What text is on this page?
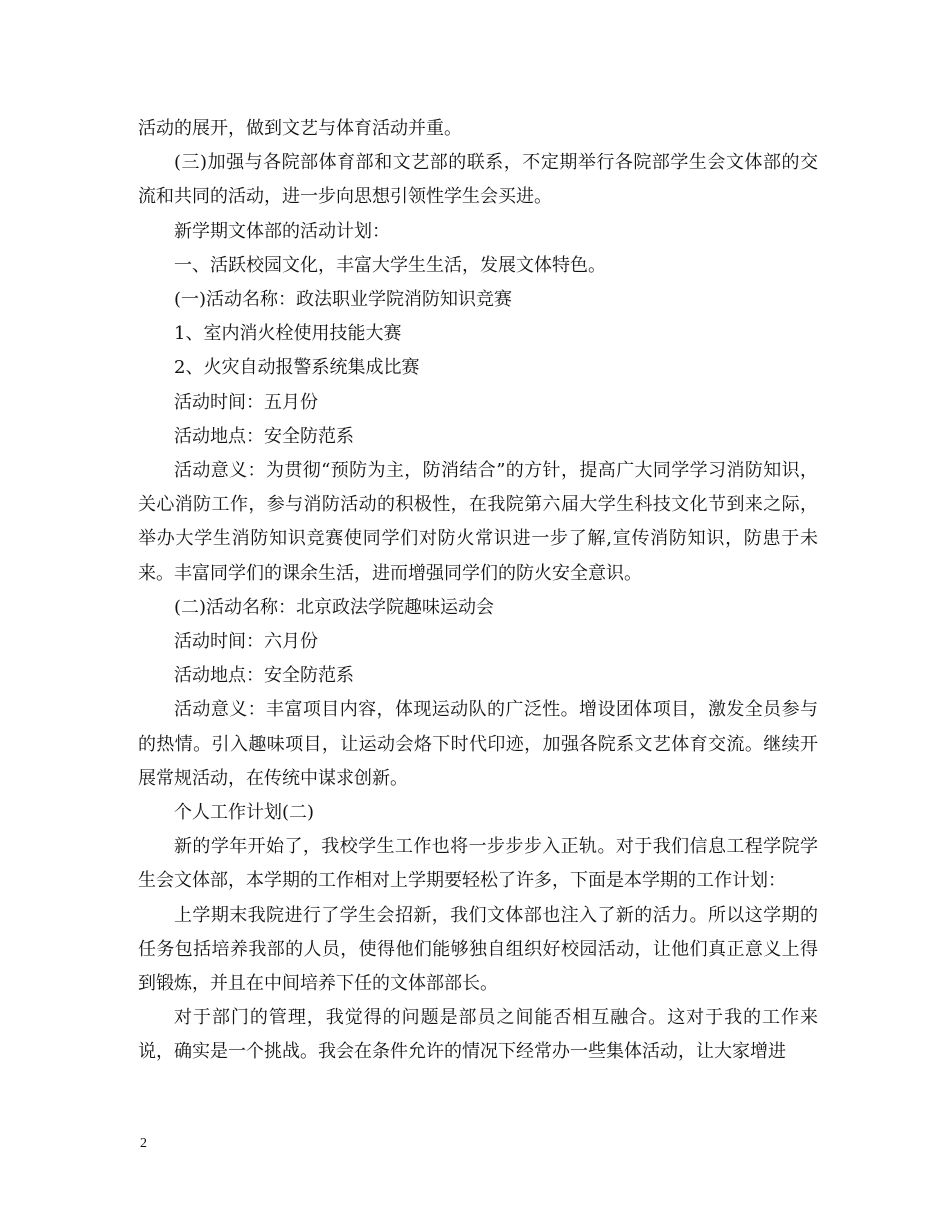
活动的展开，做到文艺与体育活动并重。

(三)加强与各院部体育部和文艺部的联系，不定期举行各院部学生会文体部的交流和共同的活动，进一步向思想引领性学生会买进。

新学期文体部的活动计划：

一、活跃校园文化，丰富大学生生活，发展文体特色。

(一)活动名称：政法职业学院消防知识竞赛

1、室内消火栓使用技能大赛

2、火灾自动报警系统集成比赛

活动时间：五月份

活动地点：安全防范系

活动意义：为贯彻“预防为主，防消结合”的方针，提高广大同学学习消防知识，关心消防工作，参与消防活动的积极性，在我院第六届大学生科技文化节到来之际，举办大学生消防知识竞赛使同学们对防火常识进一步了解,宣传消防知识，防患于未来。丰富同学们的课余生活，进而增强同学们的防火安全意识。

(二)活动名称：北京政法学院趣味运动会

活动时间：六月份

活动地点：安全防范系

活动意义：丰富项目内容，体现运动队的广泛性。增设团体项目，激发全员参与的热情。引入趣味项目，让运动会烙下时代印迹，加强各院系文艺体育交流。继续开展常规活动，在传统中谋求创新。

个人工作计划(二)

新的学年开始了，我校学生工作也将一步步步入正轨。对于我们信息工程学院学生会文体部，本学期的工作相对上学期要轻松了许多，下面是本学期的工作计划：

上学期末我院进行了学生会招新，我们文体部也注入了新的活力。所以这学期的任务包括培养我部的人员，使得他们能够独自组织好校园活动，让他们真正意义上得到锻炼，并且在中间培养下任的文体部部长。

对于部门的管理，我觉得的问题是部员之间能否相互融合。这对于我的工作来说，确实是一个挑战。我会在条件允许的情况下经常办一些集体活动，让大家增进

2
